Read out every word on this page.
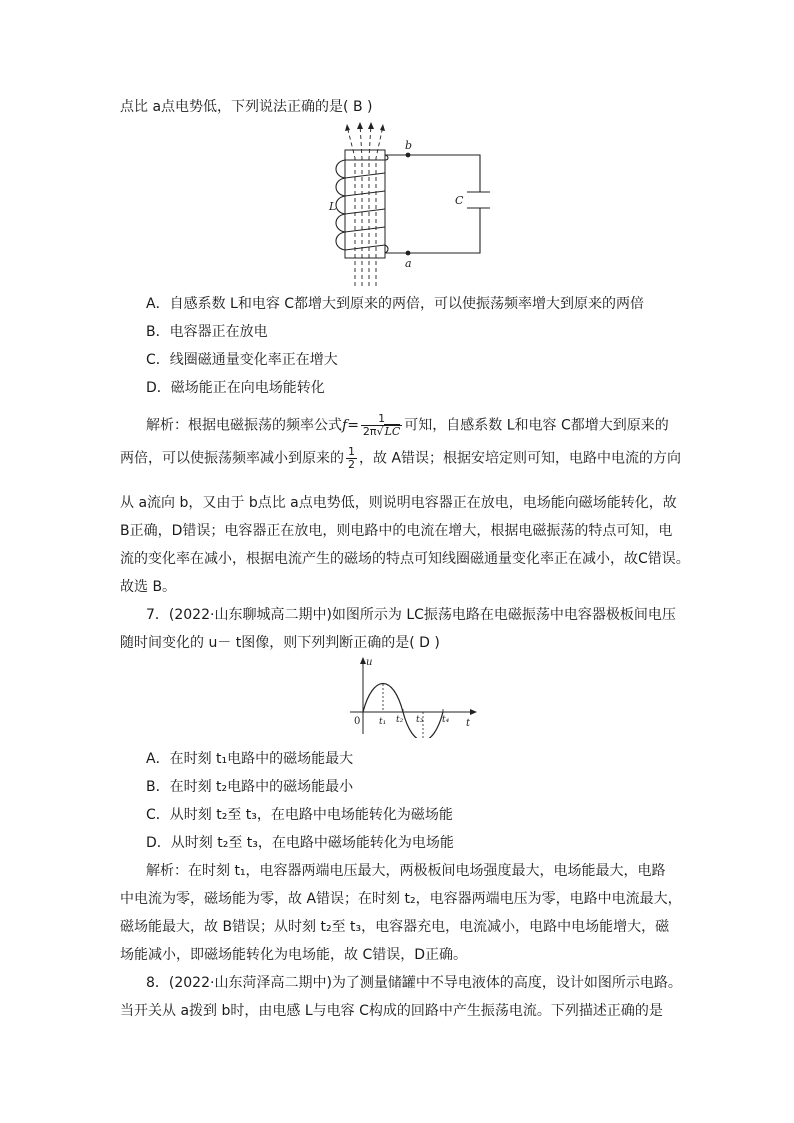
点比 a点电势低，下列说法正确的是( B )
b
a
L	C
A．自感系数 L和电容 C都增大到原来的两倍，可以使振荡频率增大到原来的两倍
B．电容器正在放电
C．线圈磁通量变化率正在增大
D．磁场能正在向电场能转化
解析：根据电磁振荡的频率公式$f= \frac{1}{2\pi√LC}$ 可知，自感系数 L和电容 C都增大到原来的
两倍，可以使振荡频率减小到原来的 $\frac{1}{2}$ ，故 A错误；根据安培定则可知，电路中电流的方向
从 a流向 b，又由于 b点比 a点电势低，则说明电容器正在放电，电场能向磁场能转化，故
B正确，D错误；电容器正在放电，则电路中的电流在增大，根据电磁振荡的特点可知，电
流的变化率在减小，根据电流产生的磁场的特点可知线圈磁通量变化率正在减小，故C错误。
故选 B。
7．(2022·山东聊城高二期中)如图所示为 LC振荡电路在电磁振荡中电容器极板间电压
随时间变化的 u－ t图像，则下列判断正确的是( D )
u
t
0 t₁ t₂ t₃ t₄
A．在时刻 t₁电路中的磁场能最大
B．在时刻 t₂电路中的磁场能最小
C．从时刻 t₂至 t₃，在电路中电场能转化为磁场能
D．从时刻 t₂至 t₃，在电路中磁场能转化为电场能
解析：在时刻 t₁，电容器两端电压最大，两极板间电场强度最大，电场能最大，电路
中电流为零，磁场能为零，故 A错误；在时刻 t₂，电容器两端电压为零，电路中电流最大，
磁场能最大，故 B错误；从时刻 t₂至 t₃，电容器充电，电流减小，电路中电场能增大，磁
场能减小，即磁场能转化为电场能，故 C错误，D正确。
8．(2022·山东菏泽高二期中)为了测量储罐中不导电液体的高度，设计如图所示电路。
当开关从 a拨到 b时，由电感 L与电容 C构成的回路中产生振荡电流。下列描述正确的是
